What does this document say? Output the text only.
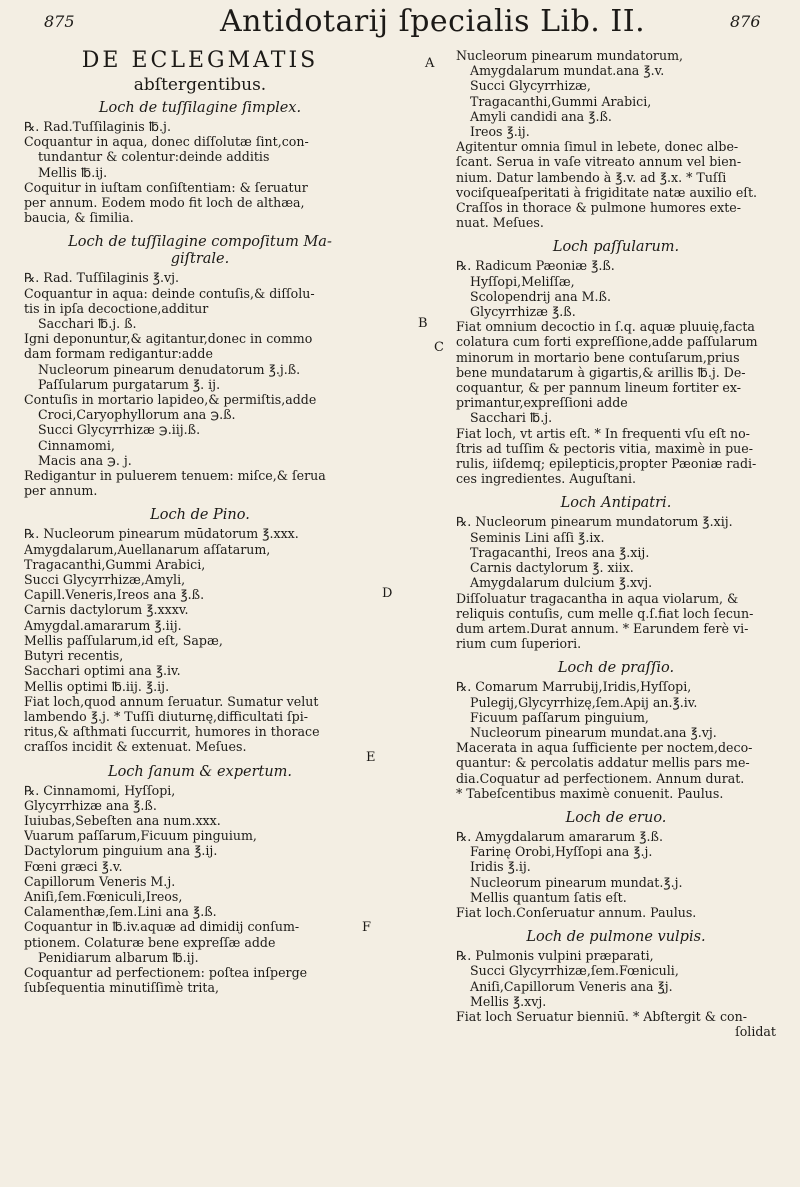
875	Antidotarij ſpecialis Lib. II.	876
A
B
C
D
E
F
DE ECLEGMATIS
abſtergentibus.
Loch de tuſſilagine ſimplex.
℞. Rad.Tuſſilaginis ℔.j.
Coquantur in aqua, donec diſſolutæ ſint,con-
tundantur & colentur:deinde additis
Mellis ℔.ij.
Coquitur in iuſtam conſiſtentiam: & ſeruatur
per annum. Eodem modo fit loch de althæa,
baucia, & ſimilia.
Loch de tuſſilagine compoſitum Ma-
giſtrale.
℞. Rad. Tuſſilaginis ℥.vj.
Coquantur in aqua: deinde contuſis,& diſſolu-
tis in ipſa decoctione,additur
Sacchari ℔.j. ß.
Igni deponuntur,& agitantur,donec in commo
dam formam redigantur:adde
Nucleorum pinearum denudatorum ℥.j.ß.
Paſſularum purgatarum ℥. ij.
Contuſis in mortario lapideo,& permiſtis,adde
Croci,Caryophyllorum ana ℈.ß.
Succi Glycyrrhizæ ℈.iij.ß.
Cinnamomi,
Macis ana ℈. j.
Redigantur in puluerem tenuem: miſce,& ſerua
per annum.
Loch de Pino.
℞. Nucleorum pinearum mūdatorum ℥.xxx.
Amygdalarum,Auellanarum aſſatarum,
Tragacanthi,Gummi Arabici,
Succi Glycyrrhizæ,Amyli,
Capill.Veneris,Ireos ana ℥.ß.
Carnis dactylorum ℥.xxxv.
Amygdal.amararum ℥.iij.
Mellis paſſularum,id eſt, Sapæ,
Butyri recentis,
Sacchari optimi ana ℥.iv.
Mellis optimi ℔.iij. ℥.ij.
Fiat loch,quod annum ſeruatur. Sumatur velut
lambendo ℥.j. * Tuſſi diuturnę,difficultati ſpi-
ritus,& aſthmati ſuccurrit, humores in thorace
craſſos incidit & extenuat. Meſues.
Loch ſanum & expertum.
℞. Cinnamomi, Hyſſopi,
Glycyrrhizæ ana ℥.ß.
Iuiubas,Sebeſten ana num.xxx.
Vuarum paſſarum,Ficuum pinguium,
Dactylorum pinguium ana ℥.ij.
Fœni græci ℥.v.
Capillorum Veneris M.j.
Aniſi,ſem.Fœniculi,Ireos,
Calamenthæ,ſem.Lini ana ℥.ß.
Coquantur in ℔.iv.aquæ ad dimidij conſum-
ptionem. Colaturæ bene expreſſæ adde
Penidiarum albarum ℔.ij.
Coquantur ad perfectionem: poſtea inſperge
ſubſequentia minutiſſimè trita,
Nucleorum pinearum mundatorum,
Amygdalarum mundat.ana ℥.v.
Succi Glycyrrhizæ,
Tragacanthi,Gummi Arabici,
Amyli candidi ana ℥.ß.
Ireos ℥.ij.
Agitentur omnia ſimul in lebete, donec albe-
ſcant. Serua in vaſe vitreato annum vel bien-
nium. Datur lambendo à ℥.v. ad ℥.x. * Tuſſi
vociſqueaſperitati à frigiditate natæ auxilio eſt.
Craſſos in thorace & pulmone humores exte-
nuat. Meſues.
Loch paſſularum.
℞. Radicum Pæoniæ ℥.ß.
Hyſſopi,Meliſſæ,
Scolopendrij ana M.ß.
Glycyrrhizæ ℥.ß.
Fiat omnium decoctio in ſ.q. aquæ pluuię,facta
colatura cum forti expreſſione,adde paſſularum
minorum in mortario bene contuſarum,prius
bene mundatarum à gigartis,& arillis ℔.j. De-
coquantur, & per pannum lineum fortiter ex-
primantur,expreſſioni adde
Sacchari ℔.j.
Fiat loch, vt artis eſt. * In frequenti vſu eſt no-
ſtris ad tuſſim & pectoris vitia, maximè in pue-
rulis, iiſdemq; epilepticis,propter Pæoniæ radi-
ces ingredientes. Auguſtani.
Loch Antipatri.
℞. Nucleorum pinearum mundatorum ℥.xij.
Seminis Lini aſſi ℥.ix.
Tragacanthi, Ireos ana ℥.xij.
Carnis dactylorum ℥. xiix.
Amygdalarum dulcium ℥.xvj.
Diſſoluatur tragacantha in aqua violarum, &
reliquis contuſis, cum melle q.ſ.fiat loch ſecun-
dum artem.Durat annum. * Earundem ferè vi-
rium cum ſuperiori.
Loch de praſſio.
℞. Comarum Marrubij,Iridis,Hyſſopi,
Pulegij,Glycyrrhizę,ſem.Apij an.℥.iv.
Ficuum paſſarum pinguium,
Nucleorum pinearum mundat.ana ℥.vj.
Macerata in aqua ſufficiente per noctem,deco-
quantur: & percolatis addatur mellis pars me-
dia.Coquatur ad perfectionem. Annum durat.
* Tabeſcentibus maximè conuenit. Paulus.
Loch de eruo.
℞. Amygdalarum amararum ℥.ß.
Farinę Orobi,Hyſſopi ana ℥.j.
Iridis ℥.ij.
Nucleorum pinearum mundat.℥.j.
Mellis quantum ſatis eſt.
Fiat loch.Conſeruatur annum. Paulus.
Loch de pulmone vulpis.
℞. Pulmonis vulpini præparati,
Succi Glycyrrhizæ,ſem.Fœniculi,
Aniſi,Capillorum Veneris ana ℥j.
Mellis ℥.xvj.
Fiat loch Seruatur bienniū. * Abſtergit & con-
ſolidat
